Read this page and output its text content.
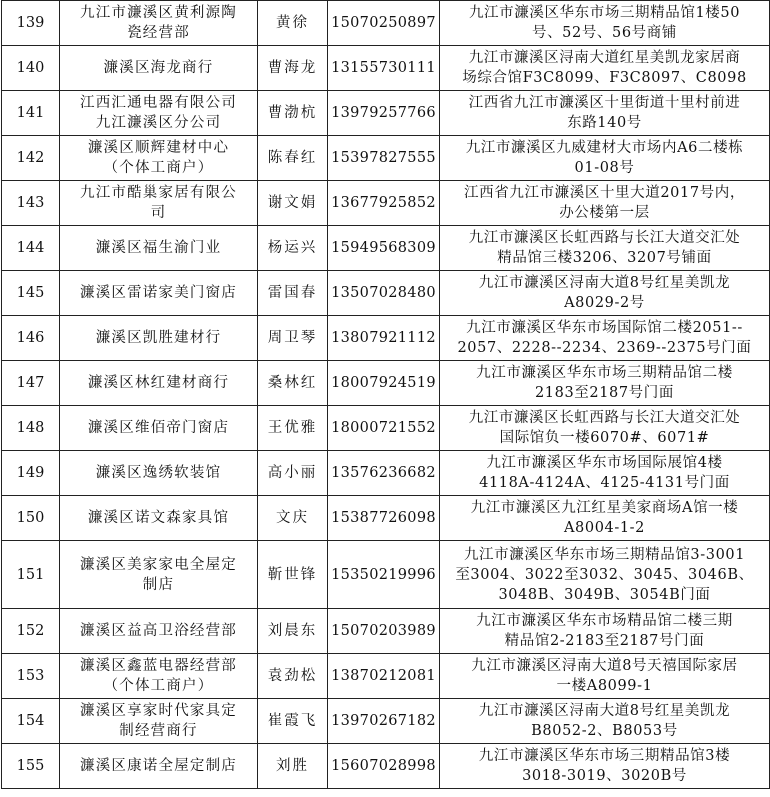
139	九江市濂溪区黄利源陶
瓷经营部	黄徐	15070250897	九江市濂溪区华东市场三期精品馆1楼50
号、52号、56号商铺
140	濂溪区海龙商行	曹海龙	13155730111	九江市濂溪区浔南大道红星美凯龙家居商
场综合馆F3C8099、F3C8097、C8098
141	江西汇通电器有限公司
九江濂溪区分公司	曹渤杭	13979257766	江西省九江市濂溪区十里街道十里村前进
东路140号
142	濂溪区顺辉建材中心
（个体工商户）	陈春红	15397827555	九江市濂溪区九威建材大市场内A6二楼栋
01-08号
143	九江市酷巢家居有限公
司	谢文娟	13677925852	江西省九江市濂溪区十里大道2017号内，
办公楼第一层
144	濂溪区福生渝门业	杨运兴	15949568309	九江市濂溪区长虹西路与长江大道交汇处
精品馆三楼3206、3207号铺面
145	濂溪区雷诺家美门窗店	雷国春	13507028480	九江市濂溪区浔南大道8号红星美凯龙
A8029-2号
146	濂溪区凯胜建材行	周卫琴	13807921112	九江市濂溪区华东市场国际馆二楼2051--
2057、2228--2234、2369--2375号门面
147	濂溪区林红建材商行	桑林红	18007924519	九江市濂溪区华东市场三期精品馆二楼
2183至2187号门面
148	濂溪区维佰帝门窗店	王优雅	18000721552	九江市濂溪区长虹西路与长江大道交汇处
国际馆负一楼6070#、6071#
149	濂溪区逸绣软装馆	高小丽	13576236682	九江市濂溪区华东市场国际展馆4楼
4118A-4124A、4125-4131号门面
150	濂溪区诺文森家具馆	文庆	15387726098	九江市濂溪区九江红星美家商场A馆一楼
A8004-1-2
151	濂溪区美家家电全屋定
制店	靳世锋	15350219996	九江市濂溪区华东市场三期精品馆3-3001
至3004、3022至3032、3045、3046B、
3048B、3049B、3054B门面
152	濂溪区益高卫浴经营部	刘晨东	15070203989	九江市濂溪区华东市场精品馆二楼三期
精品馆2-2183至2187号门面
153	濂溪区鑫蓝电器经营部
（个体工商户）	袁劲松	13870212081	九江市濂溪区浔南大道8号天禧国际家居
一楼A8099-1
154	濂溪区享家时代家具定
制经营商行	崔霞飞	13970267182	九江市濂溪区浔南大道8号红星美凯龙
B8052-2、B8053号
155	濂溪区康诺全屋定制店	刘胜	15607028998	九江市濂溪区华东市场三期精品馆3楼
3018-3019、3020B号
